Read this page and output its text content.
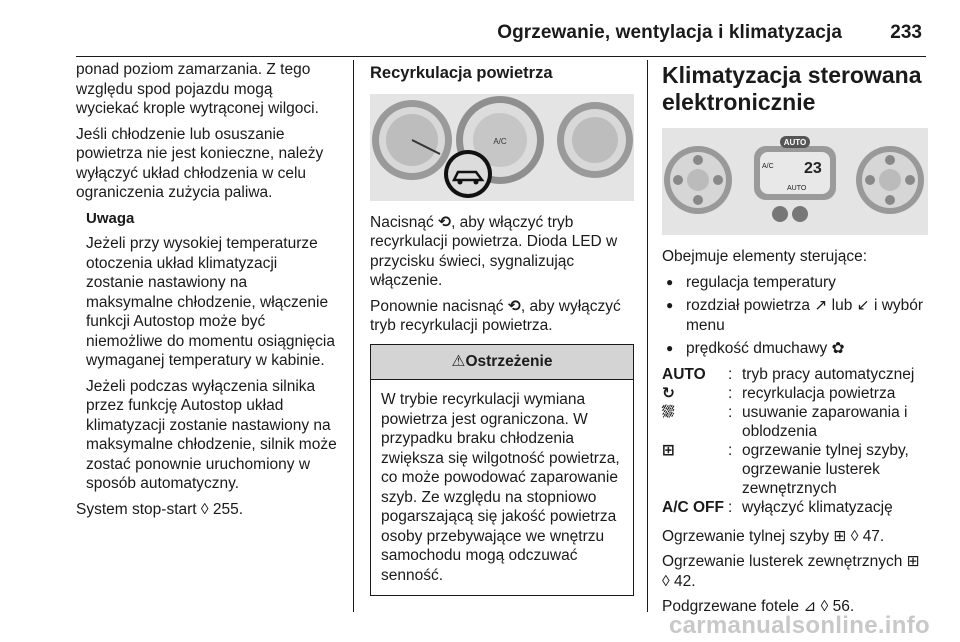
Ogrzewanie, wentylacja i klimatyzacja	233

ponad poziom zamarzania. Z tego względu spod pojazdu mogą wyciekać krople wytrąconej wilgoci.

Jeśli chłodzenie lub osuszanie powietrza nie jest konieczne, należy wyłączyć układ chłodzenia w celu ograniczenia zużycia paliwa.

Uwaga

Jeżeli przy wysokiej temperaturze otoczenia układ klimatyzacji zostanie nastawiony na maksymalne chłodzenie, włączenie funkcji Autostop może być niemożliwe do momentu osiągnięcia wymaganej temperatury w kabinie.

Jeżeli podczas wyłączenia silnika przez funkcję Autostop układ klimatyzacji zostanie nastawiony na maksymalne chłodzenie, silnik może zostać ponownie uruchomiony w sposób automatyczny.

System stop-start ◊ 255.

Recyrkulacja powietrza
A/C

Nacisnąć ⟲, aby włączyć tryb recyrkulacji powietrza. Dioda LED w przycisku świeci, sygnalizując włączenie.

Ponownie nacisnąć ⟲, aby wyłączyć tryb recyrkulacji powietrza.

⚠Ostrzeżenie
W trybie recyrkulacji wymiana powietrza jest ograniczona. W przypadku braku chłodzenia zwiększa się wilgotność powietrza, co może powodować zaparowanie szyb. Ze względu na stopniowo pogarszającą się jakość powietrza osoby przebywające we wnętrzu samochodu mogą odczuwać senność.
Klimatyzacja sterowana elektronicznie
AUTO
A/C 23
AUTO

Obejmuje elementy sterujące:

● regulacja temperatury
● rozdział powietrza ↗ lub ↙ i wybór menu
● prędkość dmuchawy ✿
AUTO	:	tryb pracy automatycznej
↻	:	recyrkulacja powietrza
⛆	:	usuwanie zaparowania i oblodzenia
⊞	:	ogrzewanie tylnej szyby, ogrzewanie lusterek zewnętrznych
A/C OFF	:	wyłączyć klimatyzację

Ogrzewanie tylnej szyby ⊞ ◊ 47.

Ogrzewanie lusterek zewnętrznych ⊞ ◊ 42.

Podgrzewane fotele ⊿ ◊ 56.

carmanualsonline.info
